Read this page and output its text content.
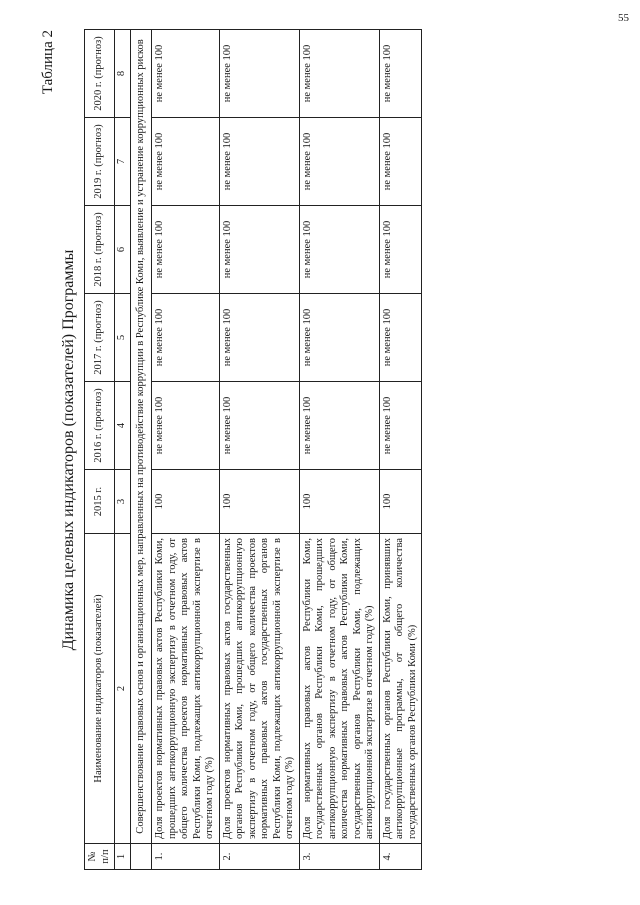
55
Таблица 2
Динамика целевых индикаторов (показателей) Программы
№ п/п	Наименование индикаторов (показателей)	2015 г.	2016 г. (прогноз)	2017 г. (прогноз)	2018 г. (прогноз)	2019 г. (прогноз)	2020 г. (прогноз)
1	2	3	4	5	6	7	8
	Совершенствование правовых основ и организационных мер, направленных на противодействие коррупции в Республике Коми, выявление и устранение коррупционных рисков						
1.	Доля проектов нормативных правовых актов Республики Коми, прошедших антикоррупционную экспертизу в отчетном году, от общего количества проектов нормативных правовых актов Республики Коми, подлежащих антикоррупционной экспертизе в отчетном году (%)	100	не менее 100	не менее 100	не менее 100	не менее 100	не менее 100
2.	Доля проектов нормативных правовых актов государственных органов Республики Коми, прошедших антикоррупционную экспертизу в отчетном году, от общего количества проектов нормативных правовых актов государственных органов Республики Коми, подлежащих антикоррупционной экспертизе в отчетном году (%)	100	не менее 100	не менее 100	не менее 100	не менее 100	не менее 100
3.	Доля нормативных правовых актов Республики Коми, государственных органов Республики Коми, прошедших антикоррупционную экспертизу в отчетном году, от общего количества нормативных правовых актов Республики Коми, государственных органов Республики Коми, подлежащих антикоррупционной экспертизе в отчетном году (%)	100	не менее 100	не менее 100	не менее 100	не менее 100	не менее 100
4.	Доля государственных органов Республики Коми, принявших антикоррупционные программы, от общего количества государственных органов Республики Коми (%)	100	не менее 100	не менее 100	не менее 100	не менее 100	не менее 100
